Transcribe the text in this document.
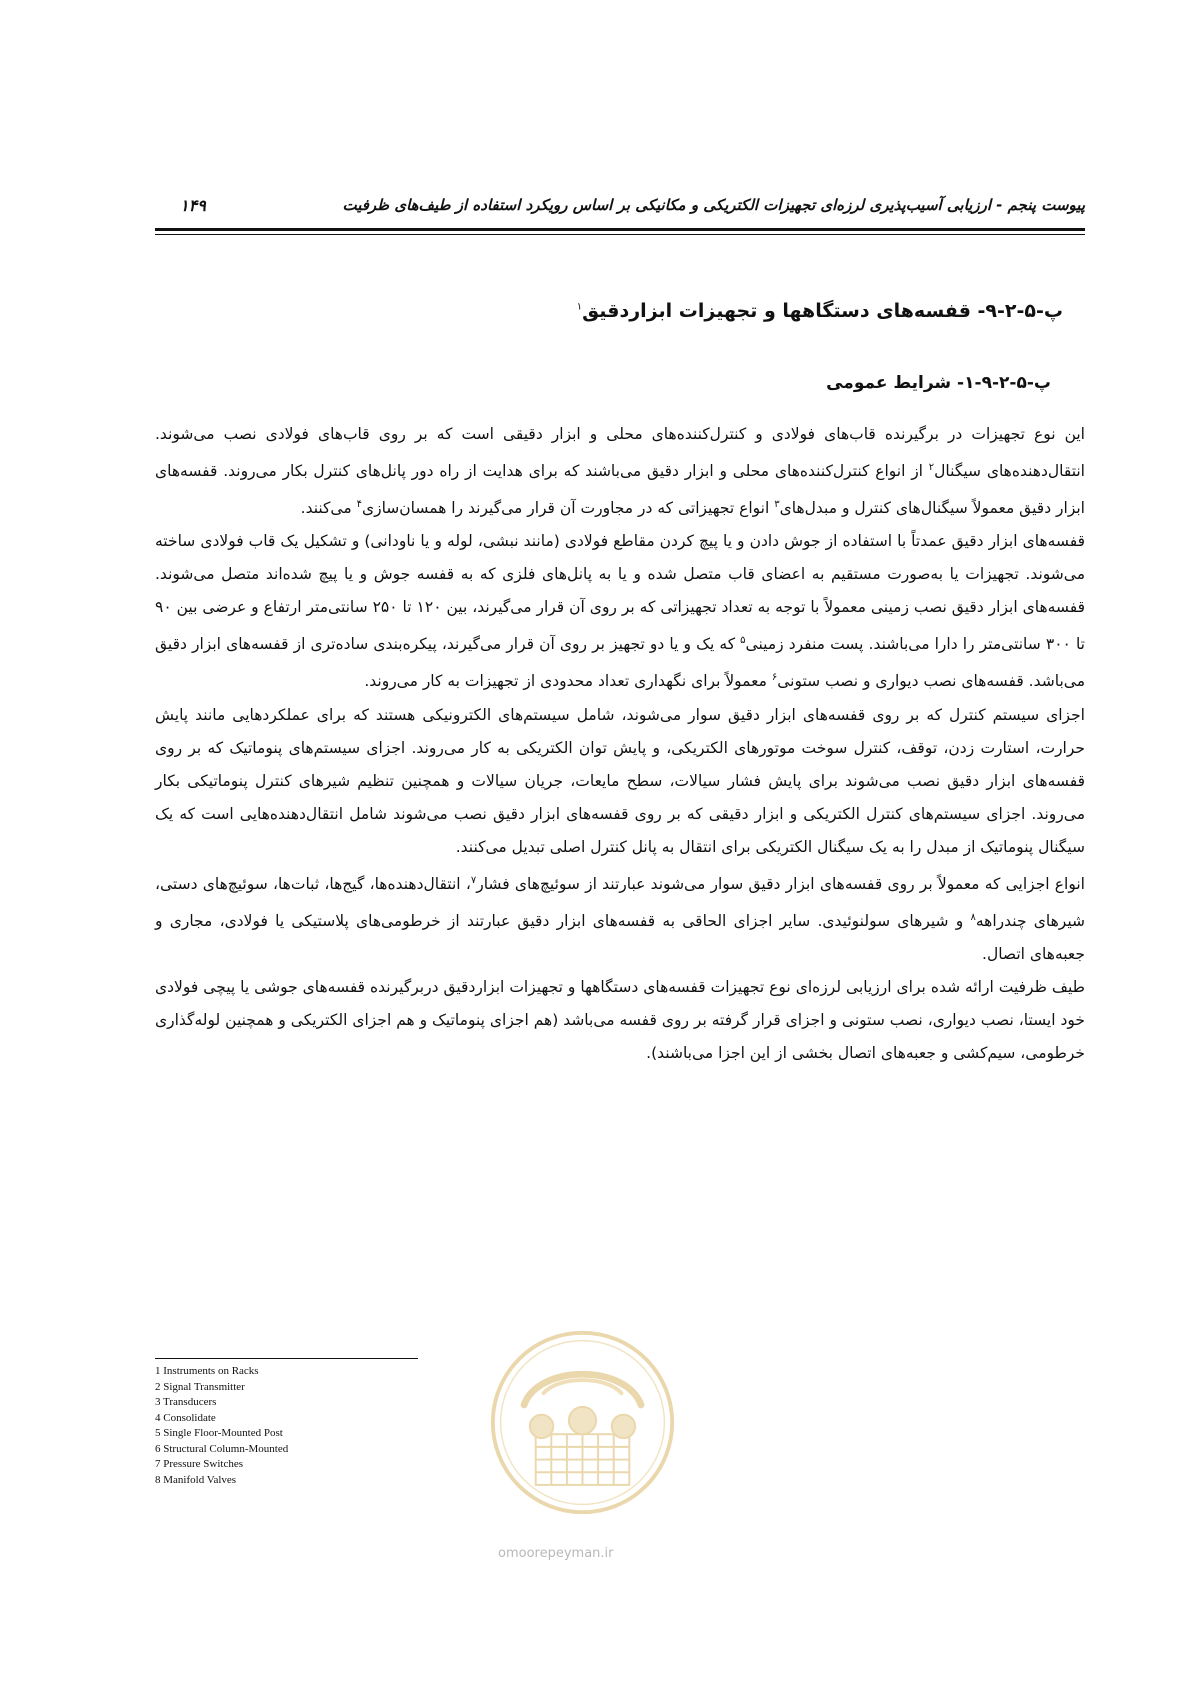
پیوست پنجم - ارزیابی آسیب‌پذیری لرزه‌ای تجهیزات الکتریکی و مکانیکی بر اساس رویکرد استفاده از طیف‌های ظرفیت
۱۴۹
پ-۵-۲-۹- قفسه‌های دستگاهها و تجهیزات ابزاردقیق$^۱$
پ-۵-۲-۹-۱- شرایط عمومی

این نوع تجهیزات در برگیرنده قاب‌های فولادی و کنترل‌کننده‌های محلی و ابزار دقیقی است که بر روی قاب‌های فولادی نصب می‌شوند. انتقال‌دهنده‌های سیگنال$^۲$ از انواع کنترل‌کننده‌های محلی و ابزار دقیق می‌باشند که برای هدایت از راه دور پانل‌های کنترل بکار می‌روند. قفسه‌های ابزار دقیق معمولاً سیگنال‌های کنترل و مبدل‌های$^۳$ انواع تجهیزاتی که در مجاورت آن قرار می‌گیرند را همسان‌سازی$^۴$ می‌کنند.

قفسه‌های ابزار دقیق عمدتاً با استفاده از جوش دادن و یا پیچ کردن مقاطع فولادی (مانند نبشی، لوله و یا ناودانی) و تشکیل یک قاب فولادی ساخته می‌شوند. تجهیزات یا به‌صورت مستقیم به اعضای قاب متصل شده و یا به پانل‌های فلزی که به قفسه جوش و یا پیچ شده‌اند متصل می‌شوند. قفسه‌های ابزار دقیق نصب زمینی معمولاً با توجه به تعداد تجهیزاتی که بر روی آن قرار می‌گیرند، بین ۱۲۰ تا ۲۵۰ سانتی‌متر ارتفاع و عرضی بین ۹۰ تا ۳۰۰ سانتی‌متر را دارا می‌باشند. پست منفرد زمینی$^۵$ که یک و یا دو تجهیز بر روی آن قرار می‌گیرند، پیکره‌بندی ساده‌تری از قفسه‌های ابزار دقیق می‌باشد. قفسه‌های نصب دیواری و نصب ستونی$^۶$ معمولاً برای نگهداری تعداد محدودی از تجهیزات به کار می‌روند.

اجزای سیستم کنترل که بر روی قفسه‌های ابزار دقیق سوار می‌شوند، شامل سیستم‌های الکترونیکی هستند که برای عملکردهایی مانند پایش حرارت، استارت زدن، توقف، کنترل سوخت موتورهای الکتریکی، و پایش توان الکتریکی به کار می‌روند. اجزای سیستم‌های پنوماتیک که بر روی قفسه‌های ابزار دقیق نصب می‌شوند برای پایش فشار سیالات، سطح مایعات، جریان سیالات و همچنین تنظیم شیرهای کنترل پنوماتیکی بکار می‌روند. اجزای سیستم‌های کنترل الکتریکی و ابزار دقیقی که بر روی قفسه‌های ابزار دقیق نصب می‌شوند شامل انتقال‌دهنده‌هایی است که یک سیگنال پنوماتیک از مبدل را به یک سیگنال الکتریکی برای انتقال به پانل کنترل اصلی تبدیل می‌کنند.

انواع اجزایی که معمولاً بر روی قفسه‌های ابزار دقیق سوار می‌شوند عبارتند از سوئیچ‌های فشار$^۷$، انتقال‌دهنده‌ها، گیج‌ها، ثبات‌ها، سوئیچ‌های دستی، شیرهای چندراهه$^۸$ و شیرهای سولنوئیدی. سایر اجزای الحاقی به قفسه‌های ابزار دقیق عبارتند از خرطومی‌های پلاستیکی یا فولادی، مجاری و جعبه‌های اتصال.

طیف ظرفیت ارائه شده برای ارزیابی لرزه‌ای نوع تجهیزات قفسه‌های دستگاهها و تجهیزات ابزاردقیق دربرگیرنده قفسه‌های جوشی یا پیچی فولادی خود ایستا، نصب دیواری، نصب ستونی و اجزای قرار گرفته بر روی قفسه می‌باشد (هم اجزای پنوماتیک و هم اجزای الکتریکی و همچنین لوله‌گذاری خرطومی، سیم‌کشی و جعبه‌های اتصال بخشی از این اجزا می‌باشند).

1 Instruments on Racks
2 Signal Transmitter
3 Transducers
4 Consolidate
5 Single Floor-Mounted Post
6 Structural Column-Mounted
7 Pressure Switches
8 Manifold Valves
omoorepeyman.ir
